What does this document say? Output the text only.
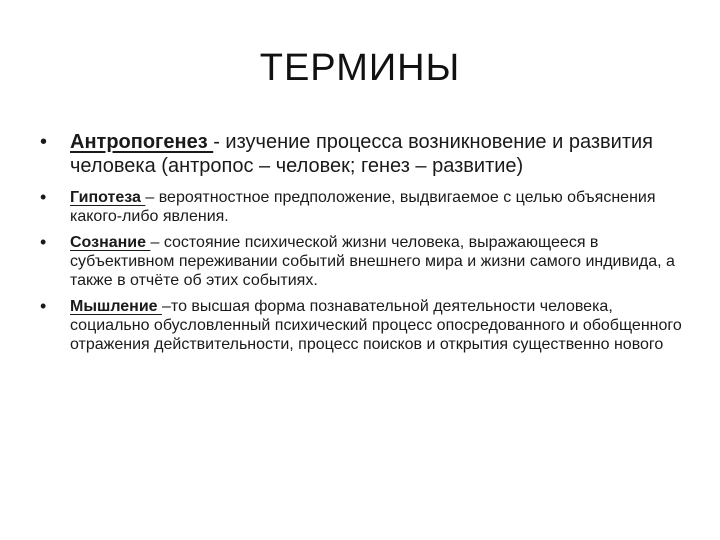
ТЕРМИНЫ
• Антропогенез - изучение процесса возникновение и развития человека (антропос – человек; генез – развитие)
• Гипотеза – вероятностное предположение, выдвигаемое с целью объяснения какого-либо явления.
• Сознание – состояние психической жизни человека, выражающееся в субъективном переживании событий внешнего мира и жизни самого индивида, а также в отчёте об этих событиях.
• Мышление –то высшая форма познавательной деятельности человека, социально обусловленный психический процесс опосредованного и обобщенного отражения действительности, процесс поисков и открытия существенно нового
